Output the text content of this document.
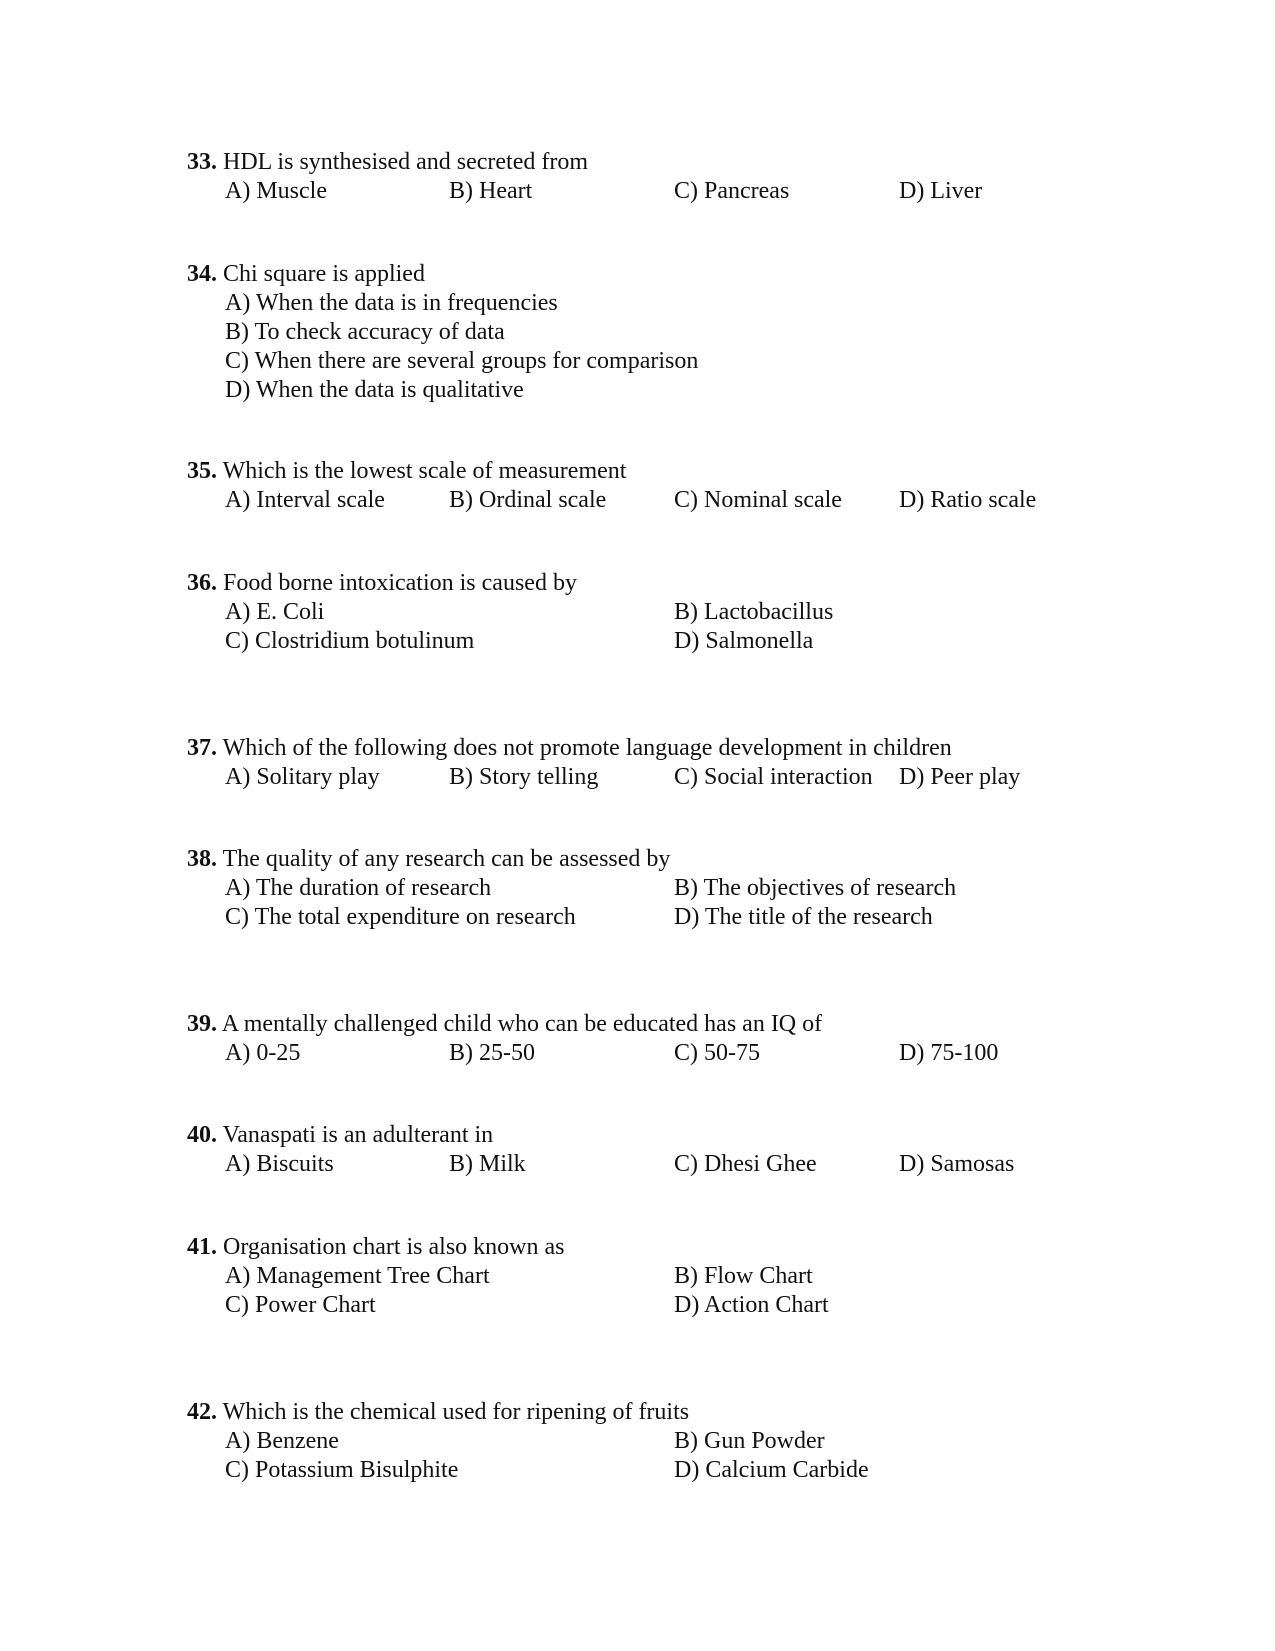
33. HDL is synthesised and secreted from
A) Muscle	B) Heart	C) Pancreas	D) Liver
34. Chi square is applied
A) When the data is in frequencies
B) To check accuracy of data
C) When there are several groups for comparison
D) When the data is qualitative
35. Which is the lowest scale of measurement
A) Interval scale	B) Ordinal scale	C) Nominal scale D) Ratio scale
36. Food borne intoxication is caused by
A) E. Coli	B) Lactobacillus
C) Clostridium botulinum	D) Salmonella
37. Which of the following does not promote language development in children
A) Solitary play	B) Story telling	C) Social interaction D) Peer play
38. The quality of any research can be assessed by
A) The duration of research	B) The objectives of research
C) The total expenditure on research	D) The title of the research
39. A mentally challenged child who can be educated has an IQ of
A) 0-25	B) 25-50	C) 50-75	D) 75-100
40. Vanaspati is an adulterant in
A) Biscuits	B) Milk	C) Dhesi Ghee	D) Samosas
41. Organisation chart is also known as
A) Management Tree Chart	B) Flow Chart
C) Power Chart	D) Action Chart
42. Which is the chemical used for ripening of fruits
A) Benzene	B) Gun Powder
C) Potassium Bisulphite	D) Calcium Carbide
